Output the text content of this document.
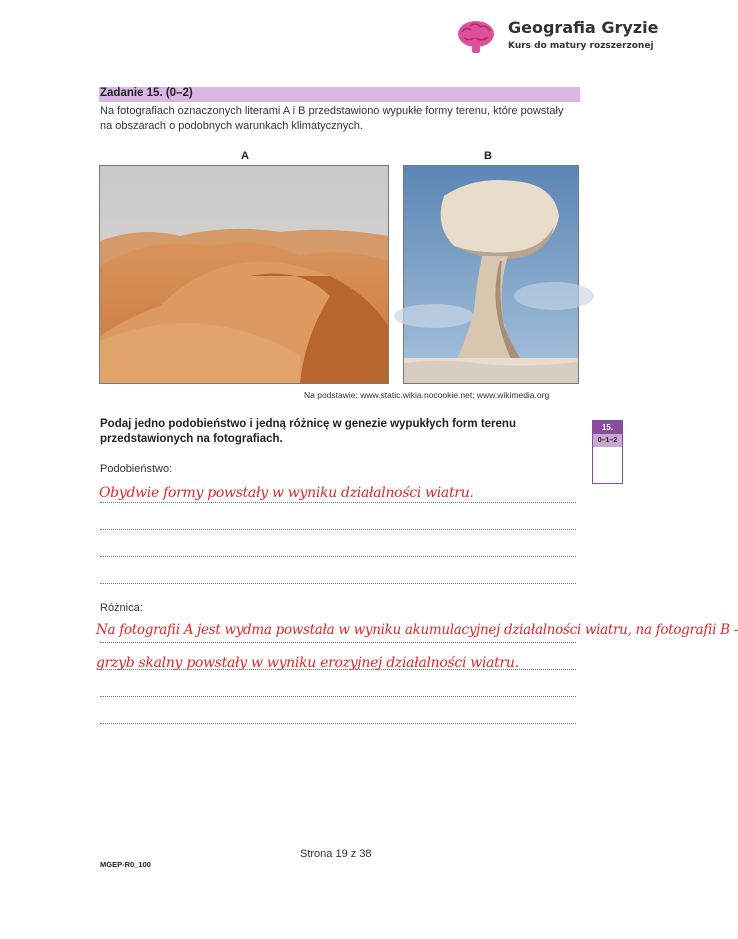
Geografia Gryzie
Kurs do matury rozszerzonej
Zadanie 15. (0–2)
Na fotografiach oznaczonych literami A i B przedstawiono wypukłe formy terenu, które powstały na obszarach o podobnych warunkach klimatycznych.
A	B
Na podstawie: www.static.wikia.nocookie.net; www.wikimedia.org
Podaj jedno podobieństwo i jedną różnicę w genezie wypukłych form terenu przedstawionych na fotografiach.
15.
0–1–2
Podobieństwo:
Obydwie formy powstały w wyniku działalności wiatru.
Różnica:
Na fotografii A jest wydma powstała w wyniku akumulacyjnej działalności wiatru, na fotografii B -
grzyb skalny powstały w wyniku erozyjnej działalności wiatru.
Strona 19 z 38
MGEP-R0_100
